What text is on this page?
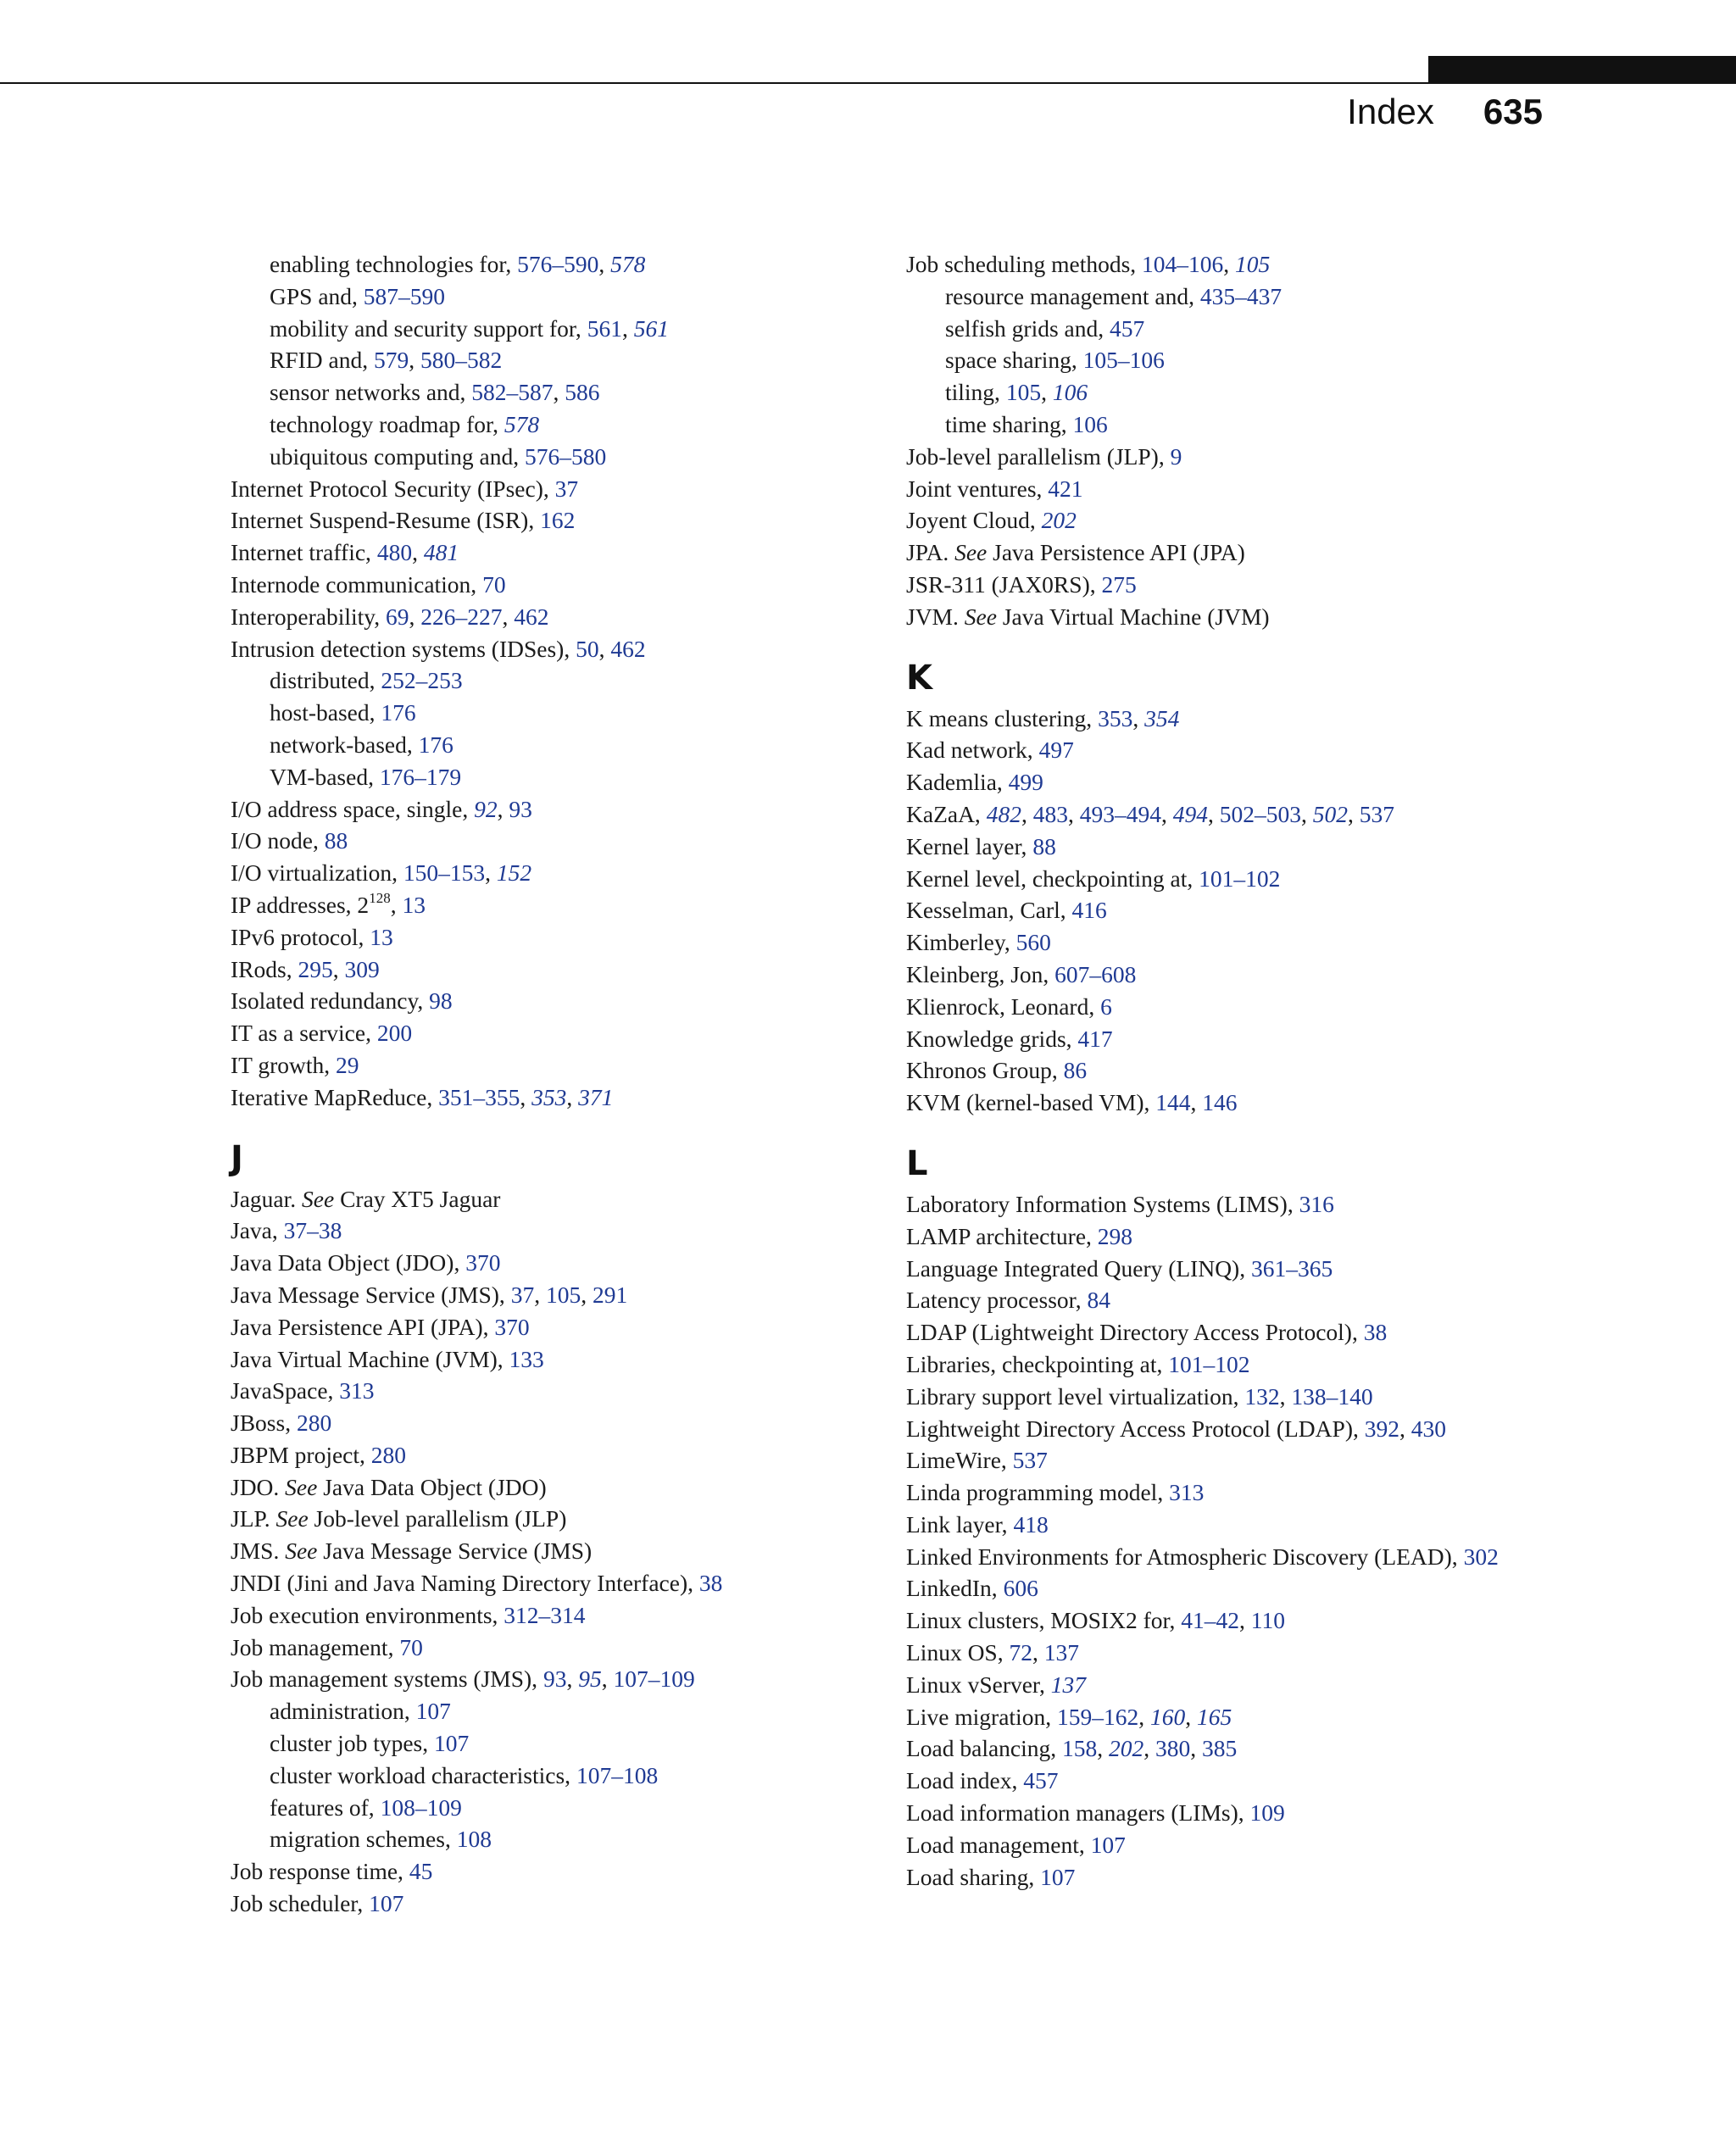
Index 635
enabling technologies for, 576–590, 578
GPS and, 587–590
mobility and security support for, 561, 561
RFID and, 579, 580–582
sensor networks and, 582–587, 586
technology roadmap for, 578
ubiquitous computing and, 576–580
Internet Protocol Security (IPsec), 37
Internet Suspend-Resume (ISR), 162
Internet traffic, 480, 481
Internode communication, 70
Interoperability, 69, 226–227, 462
Intrusion detection systems (IDSes), 50, 462
distributed, 252–253
host-based, 176
network-based, 176
VM-based, 176–179
I/O address space, single, 92, 93
I/O node, 88
I/O virtualization, 150–153, 152
IP addresses, $2^{128}$, 13
IPv6 protocol, 13
IRods, 295, 309
Isolated redundancy, 98
IT as a service, 200
IT growth, 29
Iterative MapReduce, 351–355, 353, 371
J
Jaguar. See Cray XT5 Jaguar
Java, 37–38
Java Data Object (JDO), 370
Java Message Service (JMS), 37, 105, 291
Java Persistence API (JPA), 370
Java Virtual Machine (JVM), 133
JavaSpace, 313
JBoss, 280
JBPM project, 280
JDO. See Java Data Object (JDO)
JLP. See Job-level parallelism (JLP)
JMS. See Java Message Service (JMS)
JNDI (Jini and Java Naming Directory Interface), 38
Job execution environments, 312–314
Job management, 70
Job management systems (JMS), 93, 95, 107–109
administration, 107
cluster job types, 107
cluster workload characteristics, 107–108
features of, 108–109
migration schemes, 108
Job response time, 45
Job scheduler, 107
Job scheduling methods, 104–106, 105
resource management and, 435–437
selfish grids and, 457
space sharing, 105–106
tiling, 105, 106
time sharing, 106
Job-level parallelism (JLP), 9
Joint ventures, 421
Joyent Cloud, 202
JPA. See Java Persistence API (JPA)
JSR-311 (JAX0RS), 275
JVM. See Java Virtual Machine (JVM)
K
K means clustering, 353, 354
Kad network, 497
Kademlia, 499
KaZaA, 482, 483, 493–494, 494, 502–503, 502, 537
Kernel layer, 88
Kernel level, checkpointing at, 101–102
Kesselman, Carl, 416
Kimberley, 560
Kleinberg, Jon, 607–608
Klienrock, Leonard, 6
Knowledge grids, 417
Khronos Group, 86
KVM (kernel-based VM), 144, 146
L
Laboratory Information Systems (LIMS), 316
LAMP architecture, 298
Language Integrated Query (LINQ), 361–365
Latency processor, 84
LDAP (Lightweight Directory Access Protocol), 38
Libraries, checkpointing at, 101–102
Library support level virtualization, 132, 138–140
Lightweight Directory Access Protocol (LDAP), 392, 430
LimeWire, 537
Linda programming model, 313
Link layer, 418
Linked Environments for Atmospheric Discovery (LEAD), 302
LinkedIn, 606
Linux clusters, MOSIX2 for, 41–42, 110
Linux OS, 72, 137
Linux vServer, 137
Live migration, 159–162, 160, 165
Load balancing, 158, 202, 380, 385
Load index, 457
Load information managers (LIMs), 109
Load management, 107
Load sharing, 107
